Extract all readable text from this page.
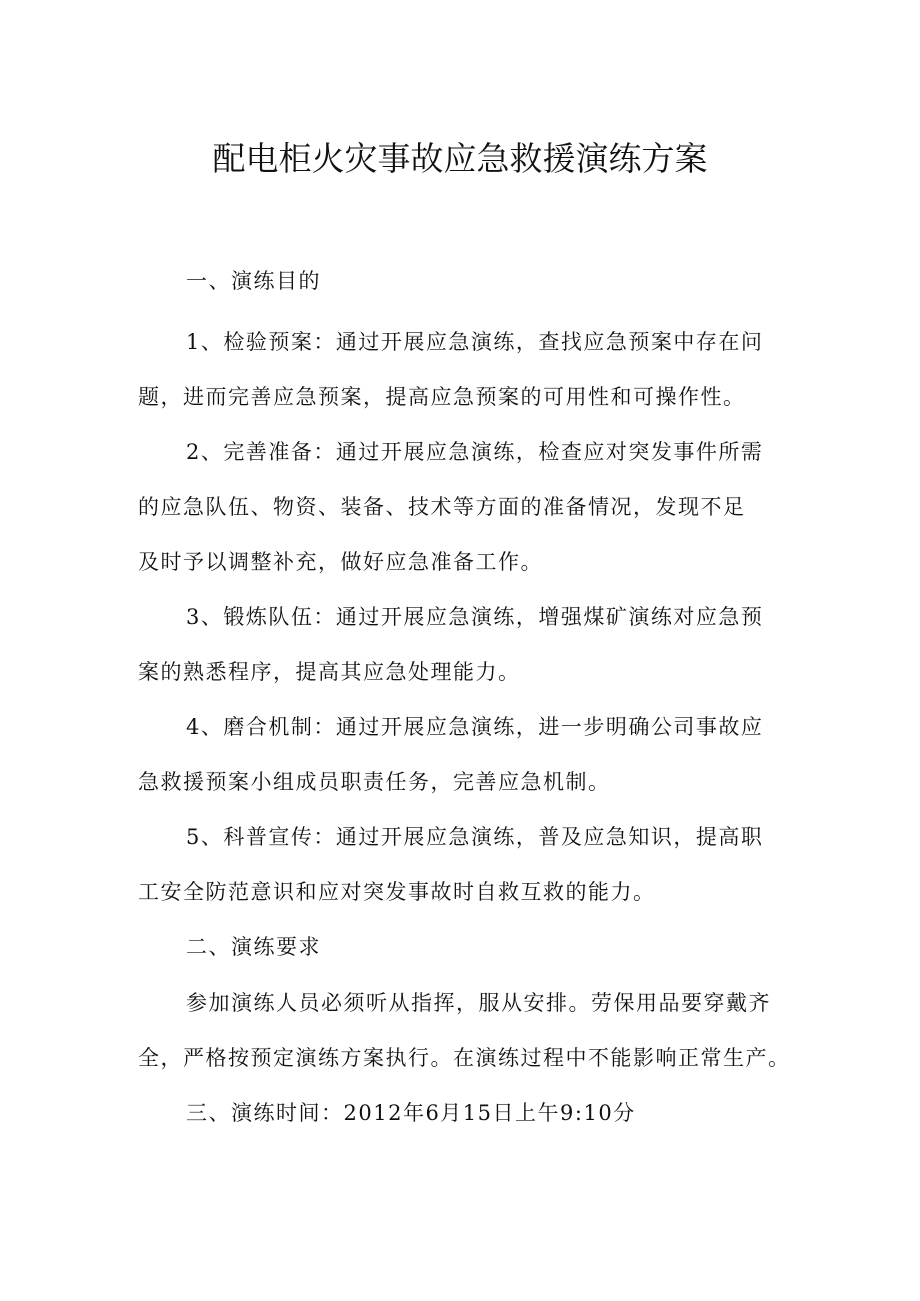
配电柜火灾事故应急救援演练方案
一、演练目的
1、检验预案：通过开展应急演练，查找应急预案中存在问
题，进而完善应急预案，提高应急预案的可用性和可操作性。
2、完善准备：通过开展应急演练，检查应对突发事件所需
的应急队伍、物资、装备、技术等方面的准备情况，发现不足
及时予以调整补充，做好应急准备工作。
3、锻炼队伍：通过开展应急演练，增强煤矿演练对应急预
案的熟悉程序，提高其应急处理能力。
4、磨合机制：通过开展应急演练，进一步明确公司事故应
急救援预案小组成员职责任务，完善应急机制。
5、科普宣传：通过开展应急演练，普及应急知识，提高职
工安全防范意识和应对突发事故时自救互救的能力。
二、演练要求
参加演练人员必须听从指挥，服从安排。劳保用品要穿戴齐
全，严格按预定演练方案执行。在演练过程中不能影响正常生产。
三、演练时间：2012年6月15日上午9:10分
